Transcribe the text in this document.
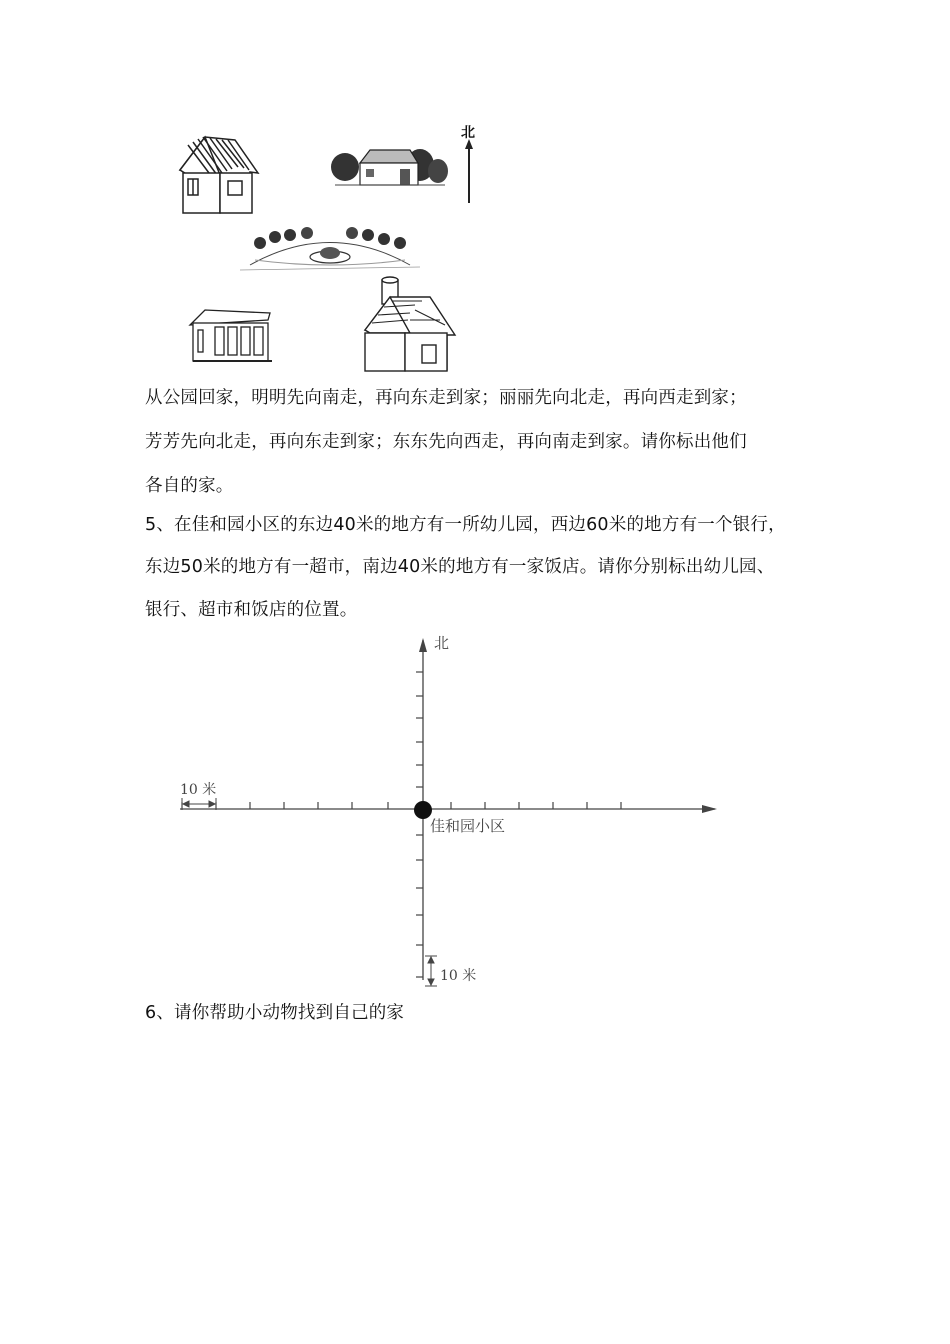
北
从公园回家，明明先向南走，再向东走到家；丽丽先向北走，再向西走到家；
芳芳先向北走，再向东走到家；东东先向西走，再向南走到家。请你标出他们
各自的家。
5、在佳和园小区的东边40米的地方有一所幼儿园，西边60米的地方有一个银行，
东边50米的地方有一超市，南边40米的地方有一家饭店。请你分别标出幼儿园、
银行、超市和饭店的位置。
北
10 米
佳和园小区
10 米
6、请你帮助小动物找到自己的家
